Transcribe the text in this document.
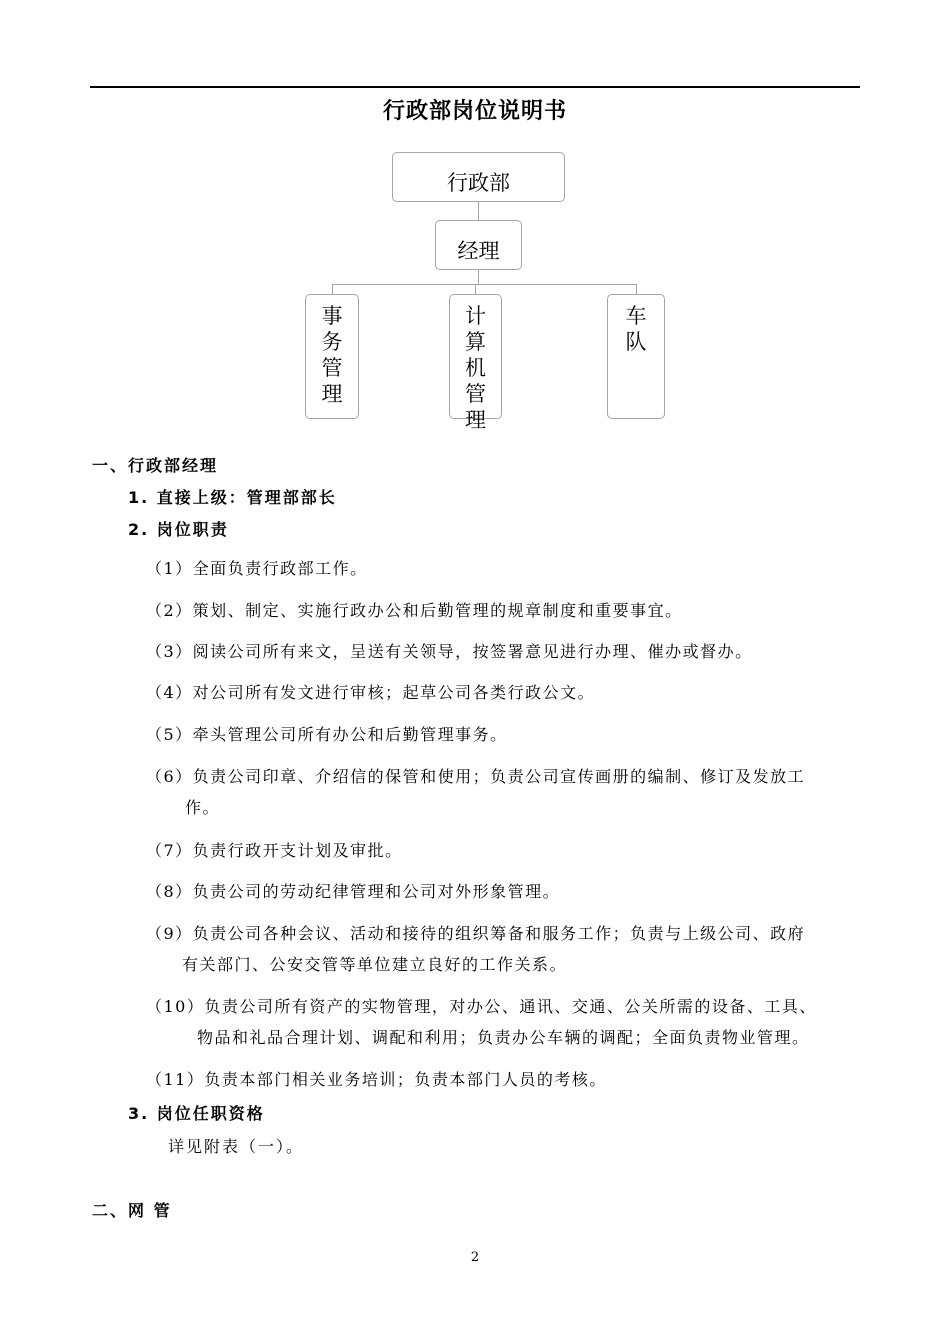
行政部岗位说明书
行政部
经理
事
务
管
理
计
算
机
管
理
车
队
一、行政部经理
1. 直接上级：管理部部长
2. 岗位职责
（1）全面负责行政部工作。
（2）策划、制定、实施行政办公和后勤管理的规章制度和重要事宜。
（3）阅读公司所有来文，呈送有关领导，按签署意见进行办理、催办或督办。
（4）对公司所有发文进行审核；起草公司各类行政公文。
（5）牵头管理公司所有办公和后勤管理事务。
（6）负责公司印章、介绍信的保管和使用；负责公司宣传画册的编制、修订及发放工
作。
（7）负责行政开支计划及审批。
（8）负责公司的劳动纪律管理和公司对外形象管理。
（9）负责公司各种会议、活动和接待的组织筹备和服务工作；负责与上级公司、政府
有关部门、公安交管等单位建立良好的工作关系。
（10）负责公司所有资产的实物管理，对办公、通讯、交通、公关所需的设备、工具、
物品和礼品合理计划、调配和利用；负责办公车辆的调配；全面负责物业管理。
（11）负责本部门相关业务培训；负责本部门人员的考核。
3. 岗位任职资格
详见附表（一）。
二、网 管
2
